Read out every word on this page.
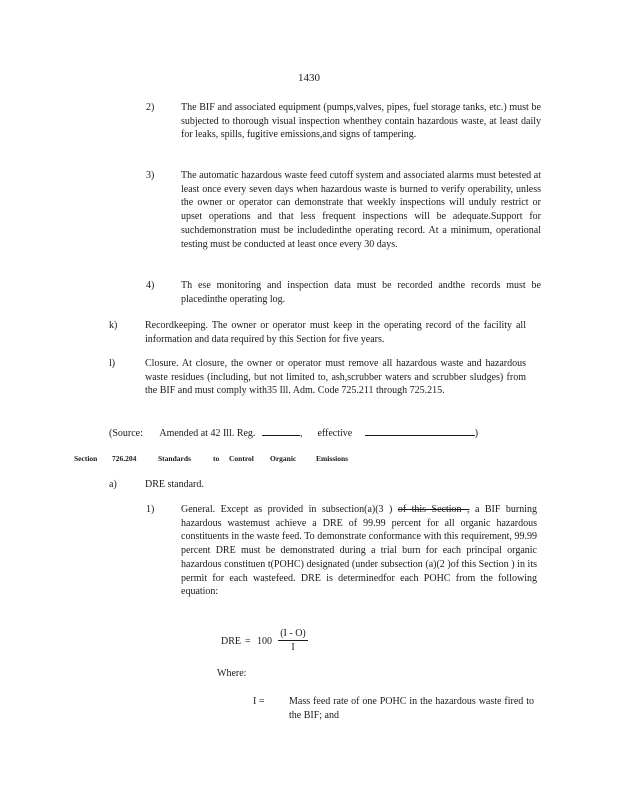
1430
2)	The BIF and associated equipment (pumps,valves, pipes, fuel storage tanks, etc.) must be subjected to thorough visual inspection whenthey contain hazardous waste, at least daily for leaks, spills, fugitive emissions,and signs of tampering.
3)	The automatic hazardous waste feed cutoff system and associated alarms must betested at least once every seven days when hazardous waste is burned to verify operability, unless the owner or operator can demonstrate that weekly inspections will unduly restrict or upset operations and that less frequent inspections will be adequate.Support for suchdemonstration must be includedinthe operating record. At a minimum, operational testing must be conducted at least once every 30 days.
4)	Th ese monitoring and inspection data must be recorded andthe records must be placedinthe operating log.
k)	Recordkeeping. The owner or operator must keep in the operating record of the facility all information and data required by this Section for five years.
l)	Closure. At closure, the owner or operator must remove all hazardous waste and hazardous waste residues (including, but not limited to, ash,scrubber waters and scrubber sludges) from the BIF and must comply with35 Ill. Adm. Code 725.211 through 725.215.
(Source: Amended at 42 Ill. Reg.	,  effective	)
Section 726.204	Standards	to Control Organic	Emissions
a)	DRE standard.
1)	General. Except as provided in subsection(a)(3 ) of this Section , a BIF burning hazardous wastemust achieve a DRE of 99.99 percent for all organic hazardous constituents in the waste feed. To demonstrate conformance with this requirement, 99.99 percent DRE must be demonstrated during a trial burn for each principal organic hazardous constituen t(POHC) designated (under subsection (a)(2 )of this Section ) in its permit for each wastefeed. DRE is determinedfor each POHC from the following equation:
DRE = $100 \frac{(I - O)}{I}$
Where:
I = Mass feed rate of one POHC in the hazardous waste fired to the BIF; and
